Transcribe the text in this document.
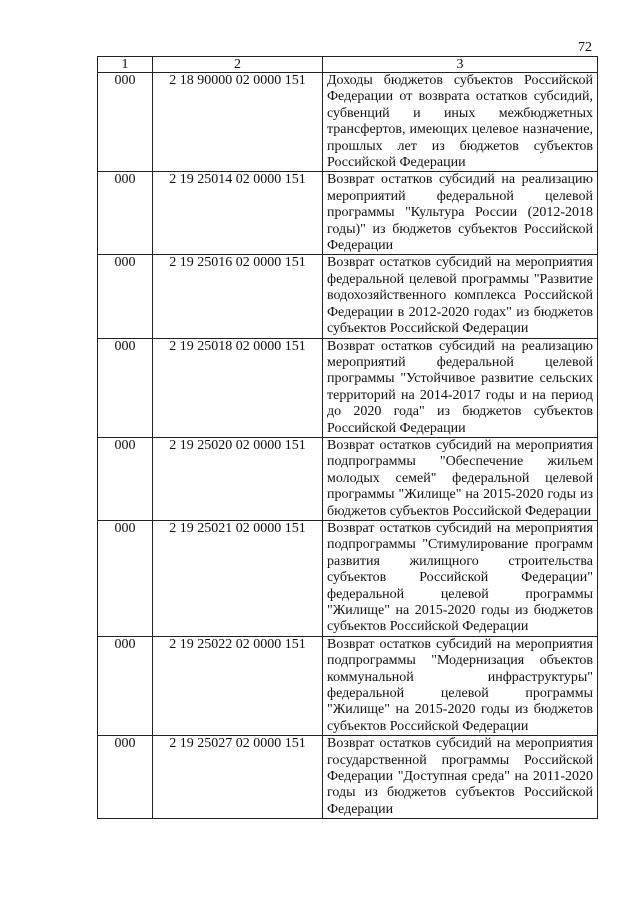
72
1	2	3
000	2 18 90000 02 0000 151	Доходы бюджетов субъектов Российской Федерации от возврата остатков субсидий, субвенций и иных межбюджетных трансфертов, имеющих целевое назначение, прошлых лет из бюджетов субъектов Российской Федерации
000	2 19 25014 02 0000 151	Возврат остатков субсидий на реализацию мероприятий федеральной целевой программы "Культура России (2012-2018 годы)" из бюджетов субъектов Российской Федерации
000	2 19 25016 02 0000 151	Возврат остатков субсидий на мероприятия федеральной целевой программы "Развитие водохозяйственного комплекса Российской Федерации в 2012-2020 годах" из бюджетов субъектов Российской Федерации
000	2 19 25018 02 0000 151	Возврат остатков субсидий на реализацию мероприятий федеральной целевой программы "Устойчивое развитие сельских территорий на 2014-2017 годы и на период до 2020 года" из бюджетов субъектов Российской Федерации
000	2 19 25020 02 0000 151	Возврат остатков субсидий на мероприятия подпрограммы "Обеспечение жильем молодых семей" федеральной целевой программы "Жилище" на 2015-2020 годы из бюджетов субъектов Российской Федерации
000	2 19 25021 02 0000 151	Возврат остатков субсидий на мероприятия подпрограммы "Стимулирование программ развития жилищного строительства субъектов Российской Федерации" федеральной целевой программы "Жилище" на 2015-2020 годы из бюджетов субъектов Российской Федерации
000	2 19 25022 02 0000 151	Возврат остатков субсидий на мероприятия подпрограммы "Модернизация объектов коммунальной инфраструктуры" федеральной целевой программы "Жилище" на 2015-2020 годы из бюджетов субъектов Российской Федерации
000	2 19 25027 02 0000 151	Возврат остатков субсидий на мероприятия государственной программы Российской Федерации "Доступная среда" на 2011-2020 годы из бюджетов субъектов Российской Федерации
